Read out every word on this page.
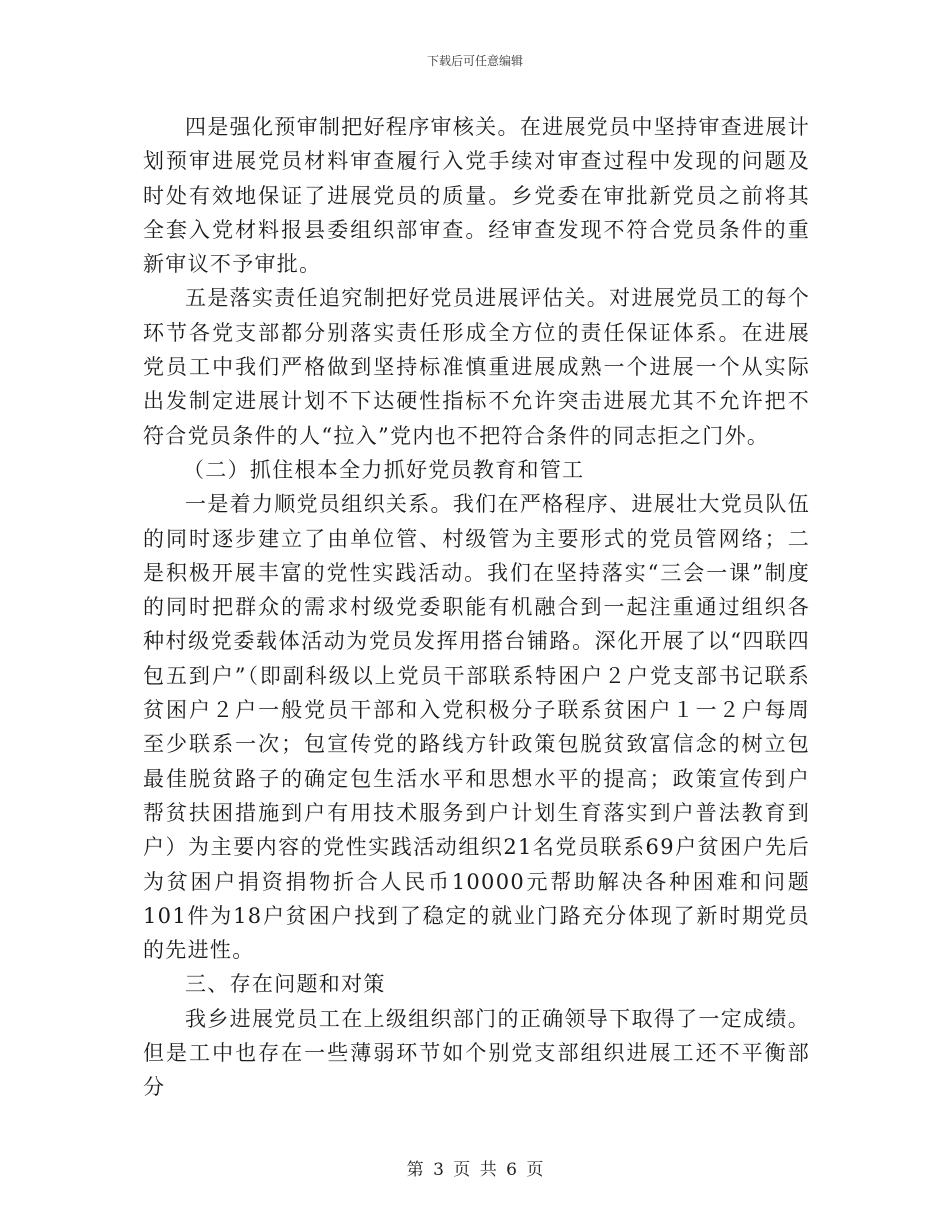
下载后可任意编辑

四是强化预审制把好程序审核关。在进展党员中坚持审查进展计划预审进展党员材料审查履行入党手续对审查过程中发现的问题及时处有效地保证了进展党员的质量。乡党委在审批新党员之前将其全套入党材料报县委组织部审查。经审查发现不符合党员条件的重新审议不予审批。

五是落实责任追究制把好党员进展评估关。对进展党员工的每个环节各党支部都分别落实责任形成全方位的责任保证体系。在进展党员工中我们严格做到坚持标准慎重进展成熟一个进展一个从实际出发制定进展计划不下达硬性指标不允许突击进展尤其不允许把不符合党员条件的人“拉入”党内也不把符合条件的同志拒之门外。

（二）抓住根本全力抓好党员教育和管工

一是着力顺党员组织关系。我们在严格程序、进展壮大党员队伍的同时逐步建立了由单位管、村级管为主要形式的党员管网络；二是积极开展丰富的党性实践活动。我们在坚持落实“三会一课”制度的同时把群众的需求村级党委职能有机融合到一起注重通过组织各种村级党委载体活动为党员发挥用搭台铺路。深化开展了以“四联四包五到户”（即副科级以上党员干部联系特困户２户党支部书记联系贫困户２户一般党员干部和入党积极分子联系贫困户１一２户每周至少联系一次；包宣传党的路线方针政策包脱贫致富信念的树立包最佳脱贫路子的确定包生活水平和思想水平的提高；政策宣传到户帮贫扶困措施到户有用技术服务到户计划生育落实到户普法教育到户）为主要内容的党性实践活动组织21名党员联系69户贫困户先后为贫困户捐资捐物折合人民币10000元帮助解决各种困难和问题101件为18户贫困户找到了稳定的就业门路充分体现了新时期党员的先进性。

三、存在问题和对策

我乡进展党员工在上级组织部门的正确领导下取得了一定成绩。但是工中也存在一些薄弱环节如个别党支部组织进展工还不平衡部分

第 3 页 共 6 页
